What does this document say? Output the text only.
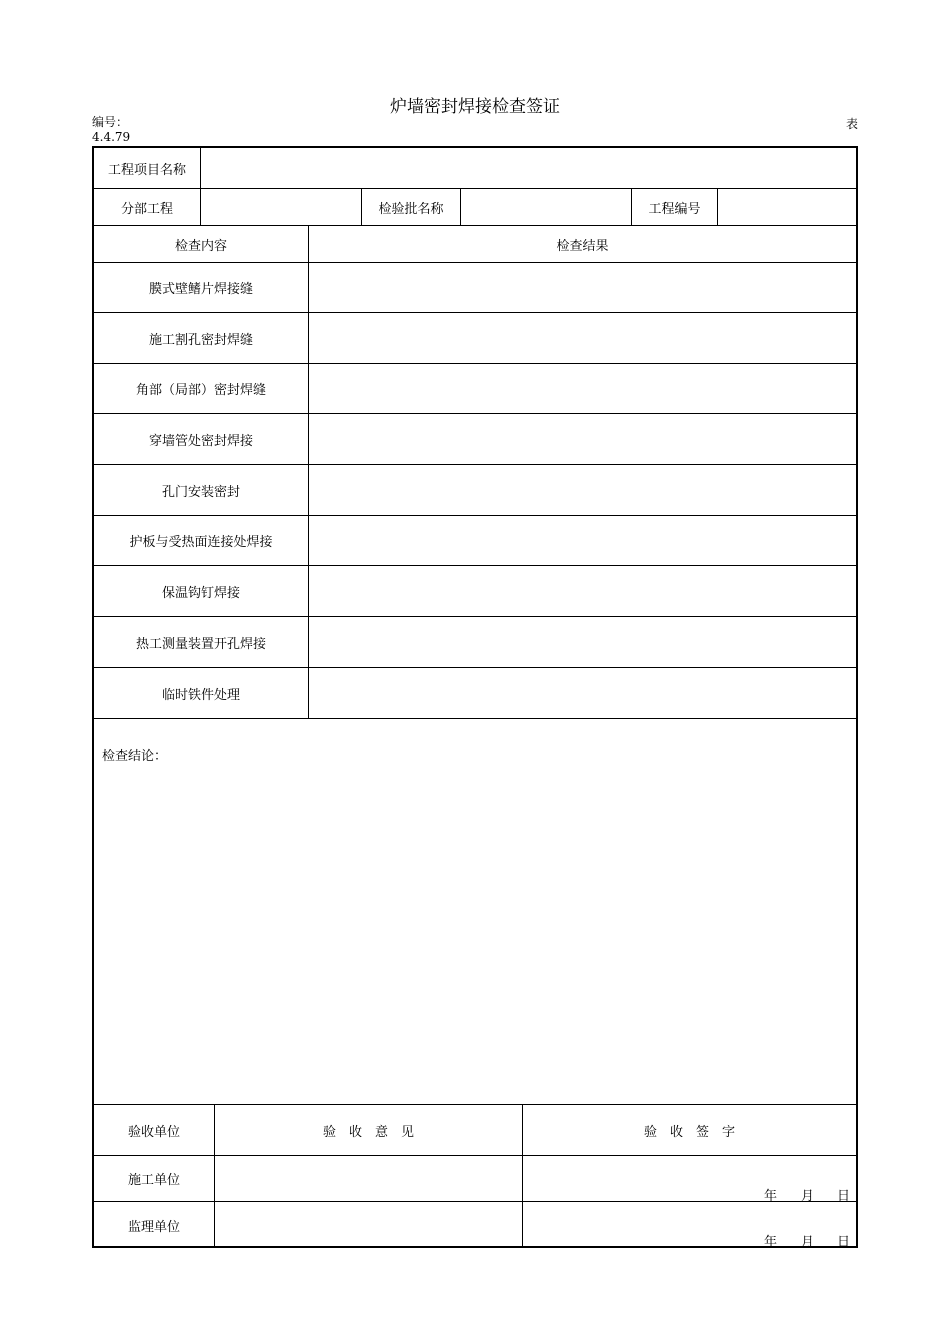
炉墙密封焊接检查签证
编号：
4.4.79
表
工程项目名称
分部工程	检验批名称	工程编号
检查内容	检查结果
膜式壁鳍片焊接缝
施工割孔密封焊缝
角部（局部）密封焊缝
穿墙管处密封焊接
孔门安装密封
护板与受热面连接处焊接
保温钩钉焊接
热工测量装置开孔焊接
临时铁件处理
检查结论：
验收单位	验　收　意　见	验　收　签　字
施工单位
年 月 日
监理单位
年 月 日
